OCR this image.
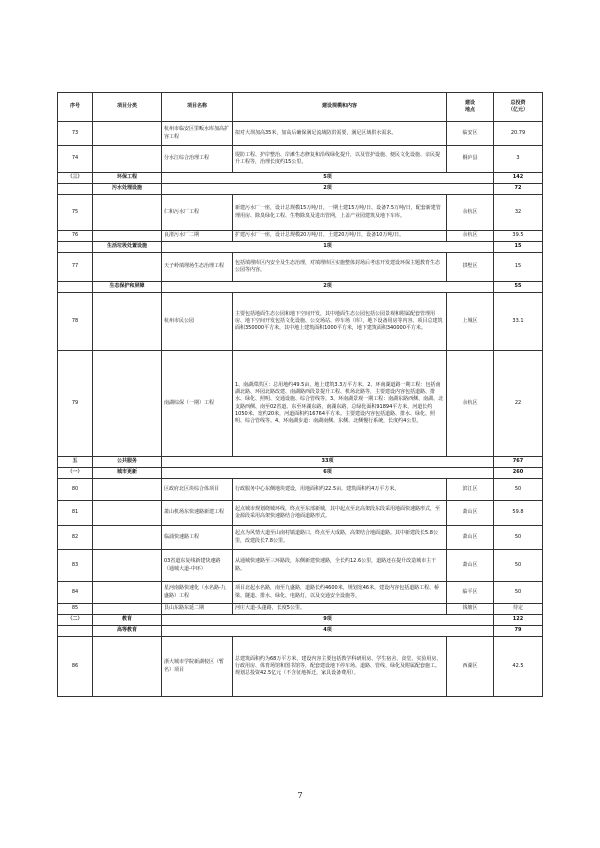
序号	项目分类	项目名称	建设规模和内容	建设
地点	总投资
（亿元）
73		杭州市临安区里畈水库加高扩容工程	拟对大坝加高35米，加高后确保满足流域防洪需要，满足区域供水需求。	临安区	20.79
74		分水江综合治理工程	堤防工程、护岸整治、岸滩生态修复和沿线绿化提升，以及管护设施、便民文化设施、亲民提升工程等，治理长度约15公里。	桐庐县	3
（三）	环保工程	5项			142
	污水处理设施	2项			72
75		仁和污水厂工程	新建污水厂一座，设计总规模15万吨/日，一期土建15万吨/日、设备7.5万吨/日，配套新建管理用房、除臭绿化工程、生物除臭及进出管网，上盖产业园建筑及地下车库。	余杭区	32
76		良渚污水厂二期	扩建污水厂一座，设计总规模20万吨/日，土建20万吨/日，设备10万吨/日。	余杭区	39.5
	生活垃圾处置设施	1项			15
77		天子岭填埋场生态治理工程	包括填埋库区内安全及生态治理，对填埋库区实施整体封场后考虑开发建设环保主题教育生态公园等内容。	拱墅区	15
	生态保护和屏障	2项			55
78		杭州市民公园	主要包括地面生态公园和地下空间开发，其中地面生态公园包括公园景观和附属配套管理用房、地下空间开发包括文化设施、公交场站、停车场（库），地下设备用房等内容。项目总建筑面积350000平方米，其中地上建筑面积1000平方米，地下建筑面积340000平方米。	上城区	33.1
79		南湖综保（一期）工程	1、南湖滞洪区：总用地约49.5亩，地上建筑3.3万平方米。2、环南湖道路一期工程：包括南湖北路、环园北路改建、南湖路西段景提升工程、机场北路等，主要建设内容包括道路、排水、绿化、照明、交通设施、综合管线等。3、环南湖景观一期工程：南湖东路西侧、南湖、北支路西侧、南至02省道、东至环湖东路，南湖东路，总绿化面积91894平方米，河道长约1050米、宽约20米，河道面积约16764平方米。主要建设内容包括道路、排水、绿化、照明、综合管线等。4、环南湖步道：南湖南侧、东侧、北侧慢行系统，长度约4公里。	余杭区	22
五	公共服务	33项			767
（一）	城市更新	6项			260
80		区政府北区块综合体项目	行政服务中心东侧地块建设，用地面积约22.5亩，建筑面积约4万平方米。	滨江区	50
81		萧山机场东快速路新建工程	起点城市规划绕城环线，终点至东部新城，其中起点至北高架段东段采用地面快速路形式，至金源段采用高架快速路结合地面道路形式。	萧山区	59.8
82		临浦快速路工程	起点为风情大道至山南村镇道路口，终点至大成路，高架结合地面道路。其中新建段长5.8公里，改建段长7.8公里。	萧山区	50
83		03省道东复线新建快速路（通城大道-中环）	从通城快速路至三环路段，东侧新建快速路，全长约12.6公里，道路还在提升改造城市主干路。	萧山区	50
84		星河南路快速化（水名路-九盛路）工程	项目北起水名路，南至九盛路，道路长约4600米，规划宽46米，建设内容包括道路工程、桥梁、隧道、排水、绿化、电路灯，以及交通安全设施等。	临平区	50
85		艮山东路东延二期	河庄大道-头蓬路，长度5公里。	钱塘区	待定
（二）	教育	9项			122
	高等教育	4项			79
86		浙大城市学院新湖校区（暂名）项目	总建筑面积约为68万平方米，建设内容主要包括教学科研用房、学生宿舍、食堂、实验用房、行政用房、体育场馆和图书馆等，配套建设地下停车场、道路、管线、绿化及附属配套施工。规划总投资42.5亿元（不含征地拆迁，家具设备费用）。	西湖区	42.5
7
